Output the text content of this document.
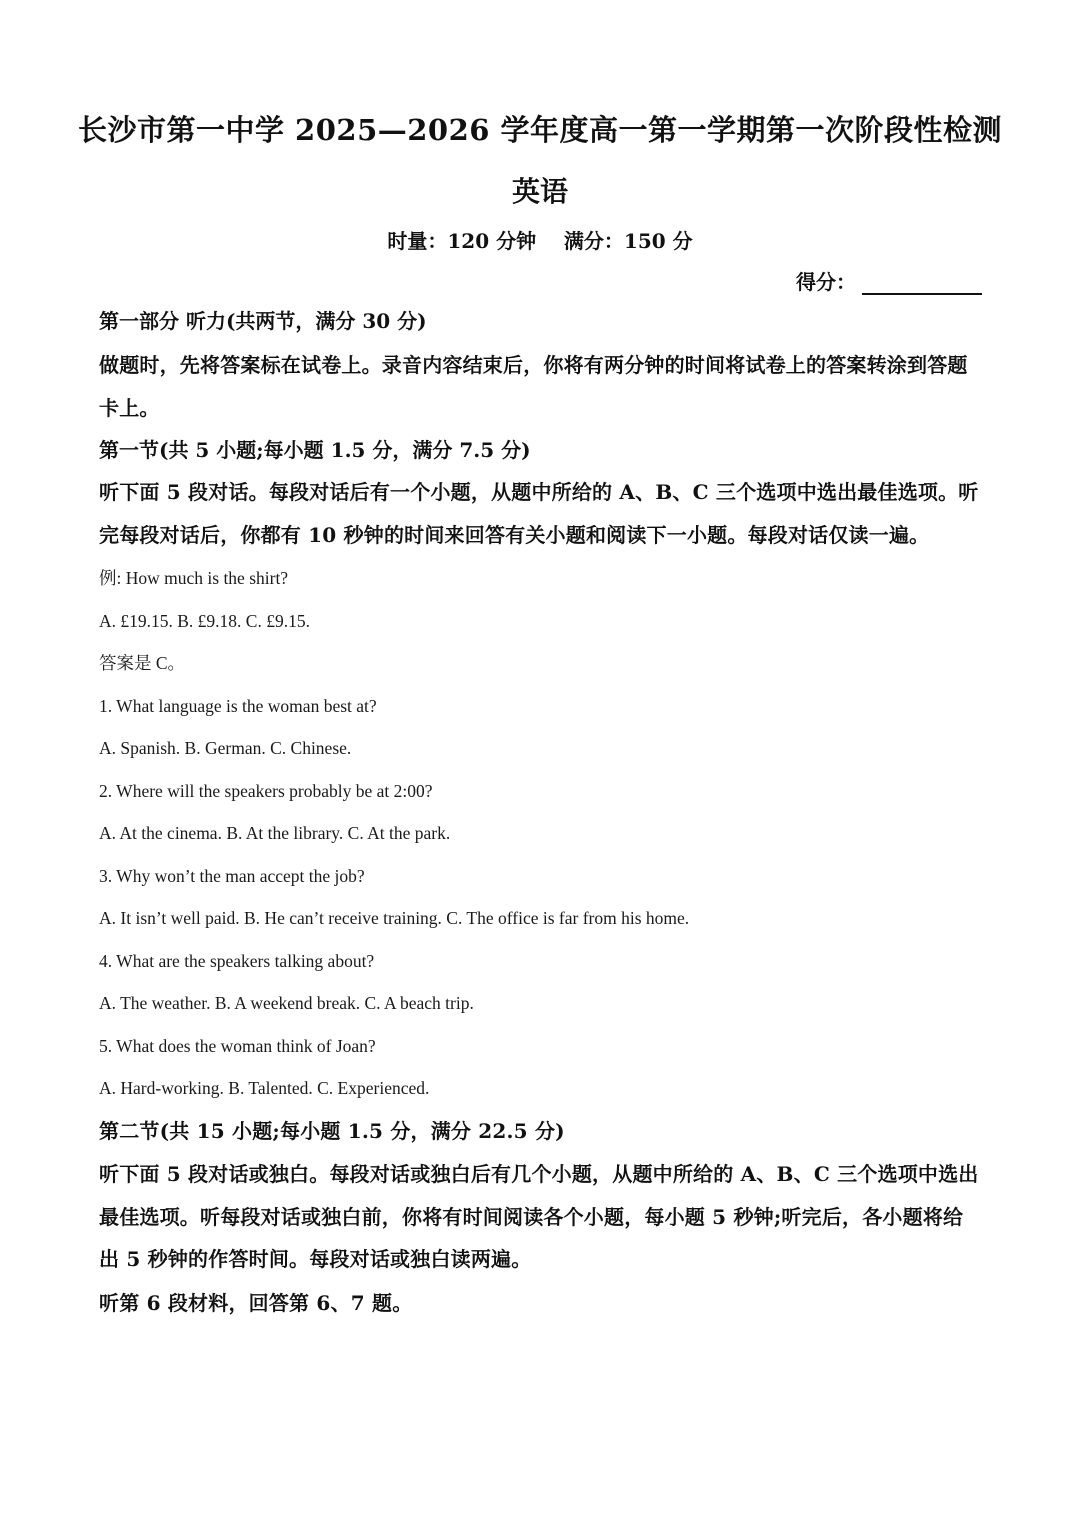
长沙市第一中学 2025—2026 学年度高一第一学期第一次阶段性检测
英语
时量：120 分钟    满分：150 分
得分：
第一部分 听力(共两节，满分 30 分)
做题时，先将答案标在试卷上。录音内容结束后，你将有两分钟的时间将试卷上的答案转涂到答题卡上。
第一节(共 5 小题;每小题 1.5 分，满分 7.5 分)
听下面 5 段对话。每段对话后有一个小题，从题中所给的 A、B、C 三个选项中选出最佳选项。听完每段对话后，你都有 10 秒钟的时间来回答有关小题和阅读下一小题。每段对话仅读一遍。
例: How much is the shirt?
A. £19.15. B. £9.18. C. £9.15.
答案是 C。
1. What language is the woman best at?
A. Spanish. B. German. C. Chinese.
2. Where will the speakers probably be at 2:00?
A. At the cinema. B. At the library. C. At the park.
3. Why won’t the man accept the job?
A. It isn’t well paid. B. He can’t receive training. C. The office is far from his home.
4. What are the speakers talking about?
A. The weather. B. A weekend break. C. A beach trip.
5. What does the woman think of Joan?
A. Hard-working. B. Talented. C. Experienced.
第二节(共 15 小题;每小题 1.5 分，满分 22.5 分)
听下面 5 段对话或独白。每段对话或独白后有几个小题，从题中所给的 A、B、C 三个选项中选出最佳选项。听每段对话或独白前，你将有时间阅读各个小题，每小题 5 秒钟;听完后，各小题将给出 5 秒钟的作答时间。每段对话或独白读两遍。
听第 6 段材料，回答第 6、7 题。
